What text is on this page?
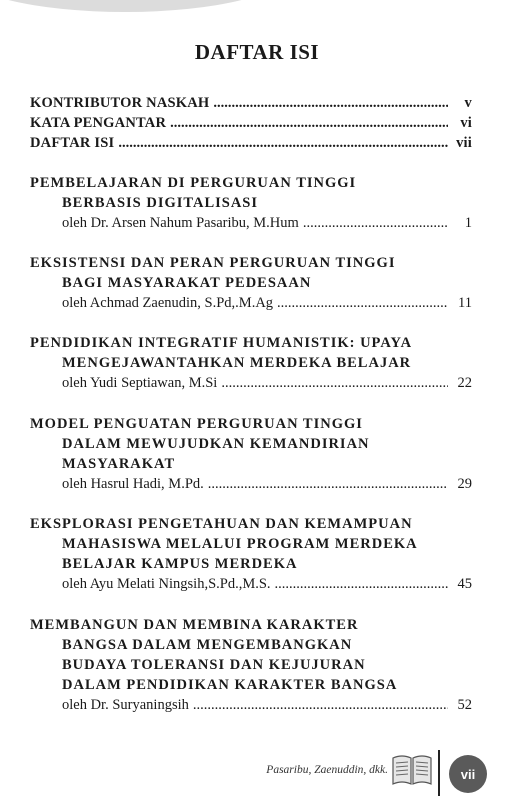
DAFTAR ISI
KONTRIBUTOR NASKAH .....	v
KATA PENGANTAR .....	vi
DAFTAR ISI .....	vii
PEMBELAJARAN DI PERGURUAN TINGGI
BERBASIS DIGITALISASI
oleh Dr. Arsen Nahum Pasaribu, M.Hum .....	1
EKSISTENSI DAN PERAN PERGURUAN TINGGI
BAGI MASYARAKAT PEDESAAN
oleh Achmad Zaenudin, S.Pd,.M.Ag .....	11
PENDIDIKAN INTEGRATIF HUMANISTIK: UPAYA
MENGEJAWANTAHKAN MERDEKA BELAJAR
oleh Yudi Septiawan, M.Si .....	22
MODEL PENGUATAN PERGURUAN TINGGI
DALAM MEWUJUDKAN KEMANDIRIAN
MASYARAKAT
oleh Hasrul Hadi, M.Pd. .....	29
EKSPLORASI PENGETAHUAN DAN KEMAMPUAN
MAHASISWA MELALUI PROGRAM MERDEKA
BELAJAR KAMPUS MERDEKA
oleh Ayu Melati Ningsih,S.Pd.,M.S. .....	45
MEMBANGUN DAN MEMBINA KARAKTER
BANGSA DALAM MENGEMBANGKAN
BUDAYA TOLERANSI DAN KEJUJURAN
DALAM PENDIDIKAN KARAKTER BANGSA
oleh Dr. Suryaningsih .....	52
Pasaribu, Zaenuddin, dkk.	vii
